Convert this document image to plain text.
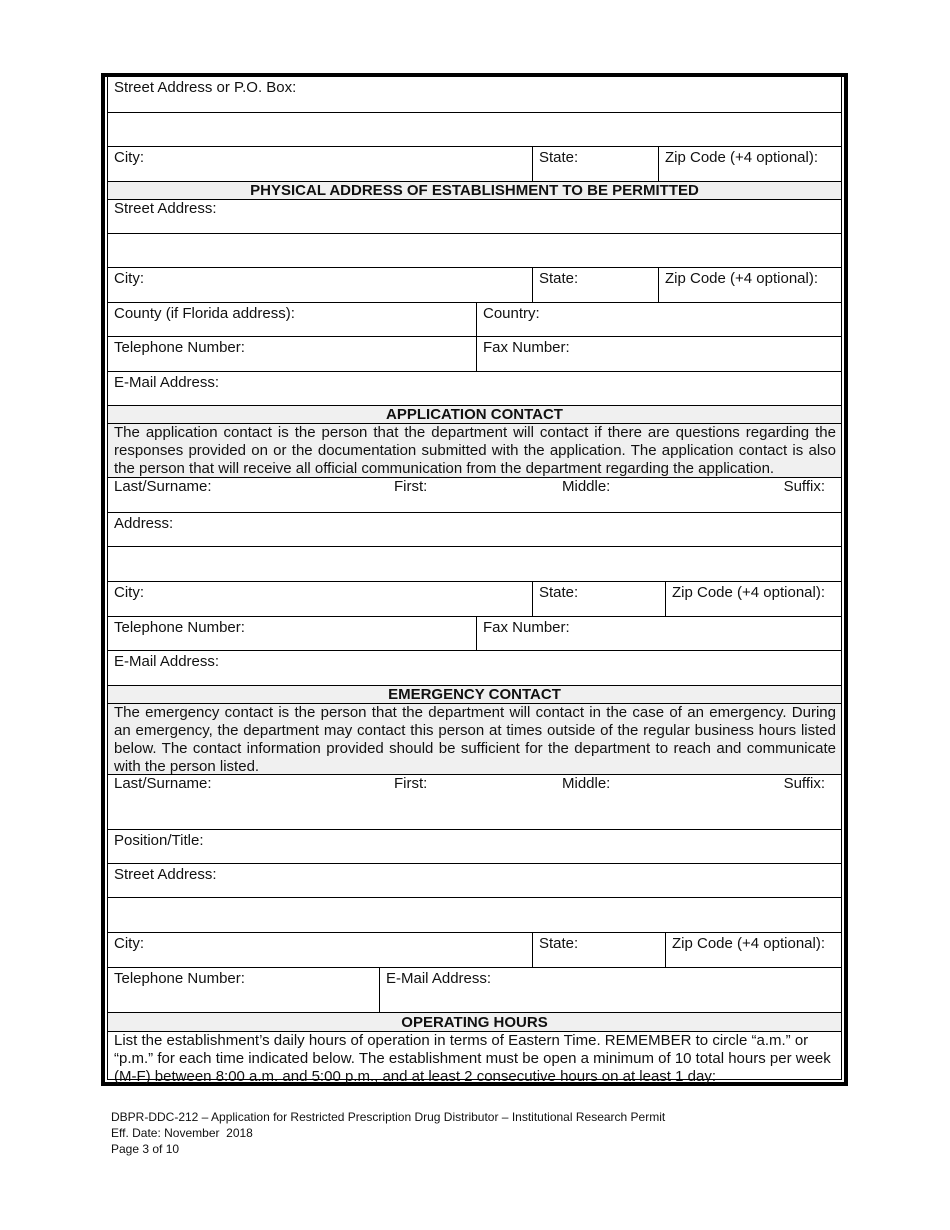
Street Address or P.O. Box:
City:	State:	Zip Code (+4 optional):
PHYSICAL ADDRESS OF ESTABLISHMENT TO BE PERMITTED
Street Address:
City:	State:	Zip Code (+4 optional):
County (if Florida address):	Country:
Telephone Number:	Fax Number:
E-Mail Address:
APPLICATION CONTACT
The application contact is the person that the department will contact if there are questions regarding the responses provided on or the documentation submitted with the application. The application contact is also the person that will receive all official communication from the department regarding the application.
Last/Surname:	First:	Middle:	Suffix:
Address:
City:	State:	Zip Code (+4 optional):
Telephone Number:	Fax Number:
E-Mail Address:
EMERGENCY CONTACT
The emergency contact is the person that the department will contact in the case of an emergency. During an emergency, the department may contact this person at times outside of the regular business hours listed below. The contact information provided should be sufficient for the department to reach and communicate with the person listed.
Last/Surname:	First:	Middle:	Suffix:
Position/Title:
Street Address:
City:	State:	Zip Code (+4 optional):
Telephone Number:	E-Mail Address:
OPERATING HOURS
List the establishment’s daily hours of operation in terms of Eastern Time. REMEMBER to circle “a.m.” or “p.m.” for each time indicated below. The establishment must be open a minimum of 10 total hours per week (M-F) between 8:00 a.m. and 5:00 p.m., and at least 2 consecutive hours on at least 1 day:
DBPR-DDC-212 – Application for Restricted Prescription Drug Distributor – Institutional Research Permit
Eff. Date: November  2018
Page 3 of 10
